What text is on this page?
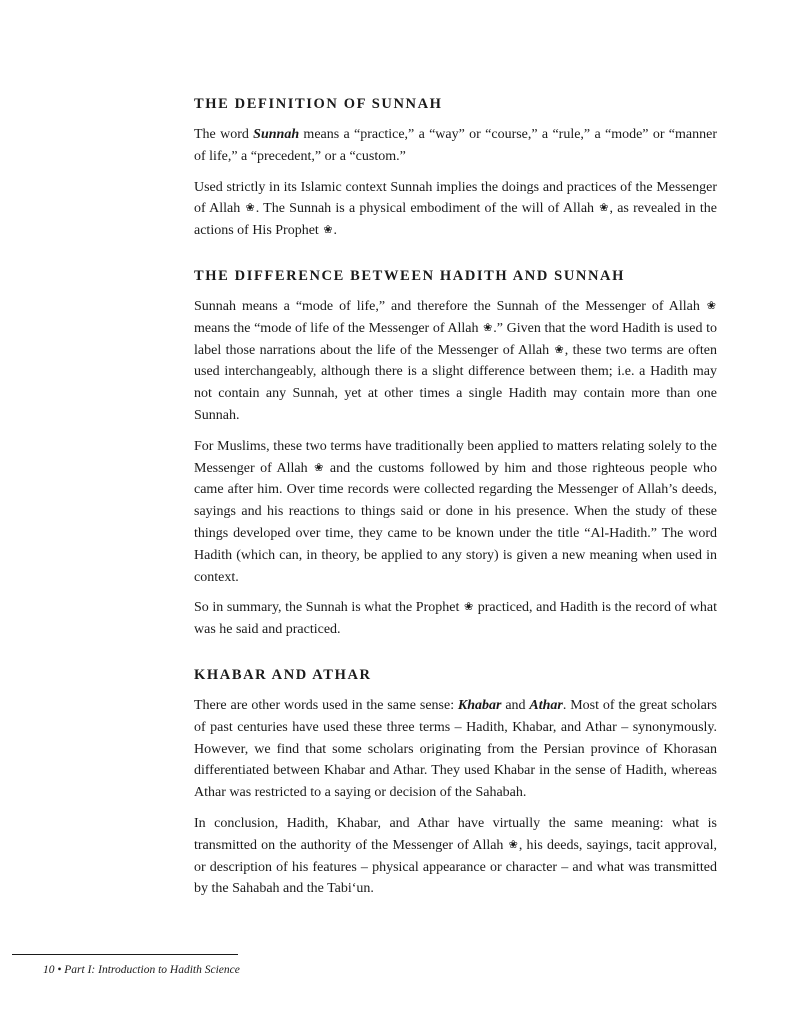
THE DEFINITION OF SUNNAH

The word Sunnah means a “practice,” a “way” or “course,” a “rule,” a “mode” or “manner of life,” a “precedent,” or a “custom.”

Used strictly in its Islamic context Sunnah implies the doings and practices of the Messenger of Allah ❀. The Sunnah is a physical embodiment of the will of Allah ❀, as revealed in the actions of His Prophet ❀.

THE DIFFERENCE BETWEEN HADITH AND SUNNAH

Sunnah means a “mode of life,” and therefore the Sunnah of the Messenger of Allah ❀ means the “mode of life of the Messenger of Allah ❀.” Given that the word Hadith is used to label those narrations about the life of the Messenger of Allah ❀, these two terms are often used interchangeably, although there is a slight difference between them; i.e. a Hadith may not contain any Sunnah, yet at other times a single Hadith may contain more than one Sunnah.

For Muslims, these two terms have traditionally been applied to matters relating solely to the Messenger of Allah ❀ and the customs followed by him and those righteous people who came after him. Over time records were collected regarding the Messenger of Allah’s deeds, sayings and his reactions to things said or done in his presence. When the study of these things developed over time, they came to be known under the title “Al-Hadith.” The word Hadith (which can, in theory, be applied to any story) is given a new meaning when used in context.

So in summary, the Sunnah is what the Prophet ❀ practiced, and Hadith is the record of what was he said and practiced.

KHABAR AND ATHAR

There are other words used in the same sense: Khabar and Athar. Most of the great scholars of past centuries have used these three terms – Hadith, Khabar, and Athar – synonymously. However, we find that some scholars originating from the Persian province of Khorasan differentiated between Khabar and Athar. They used Khabar in the sense of Hadith, whereas Athar was restricted to a saying or decision of the Sahabah.

In conclusion, Hadith, Khabar, and Athar have virtually the same meaning: what is transmitted on the authority of the Messenger of Allah ❀, his deeds, sayings, tacit approval, or description of his features – physical appearance or character – and what was transmitted by the Sahabah and the Tabi‘un.

10 • Part I: Introduction to Hadith Science
